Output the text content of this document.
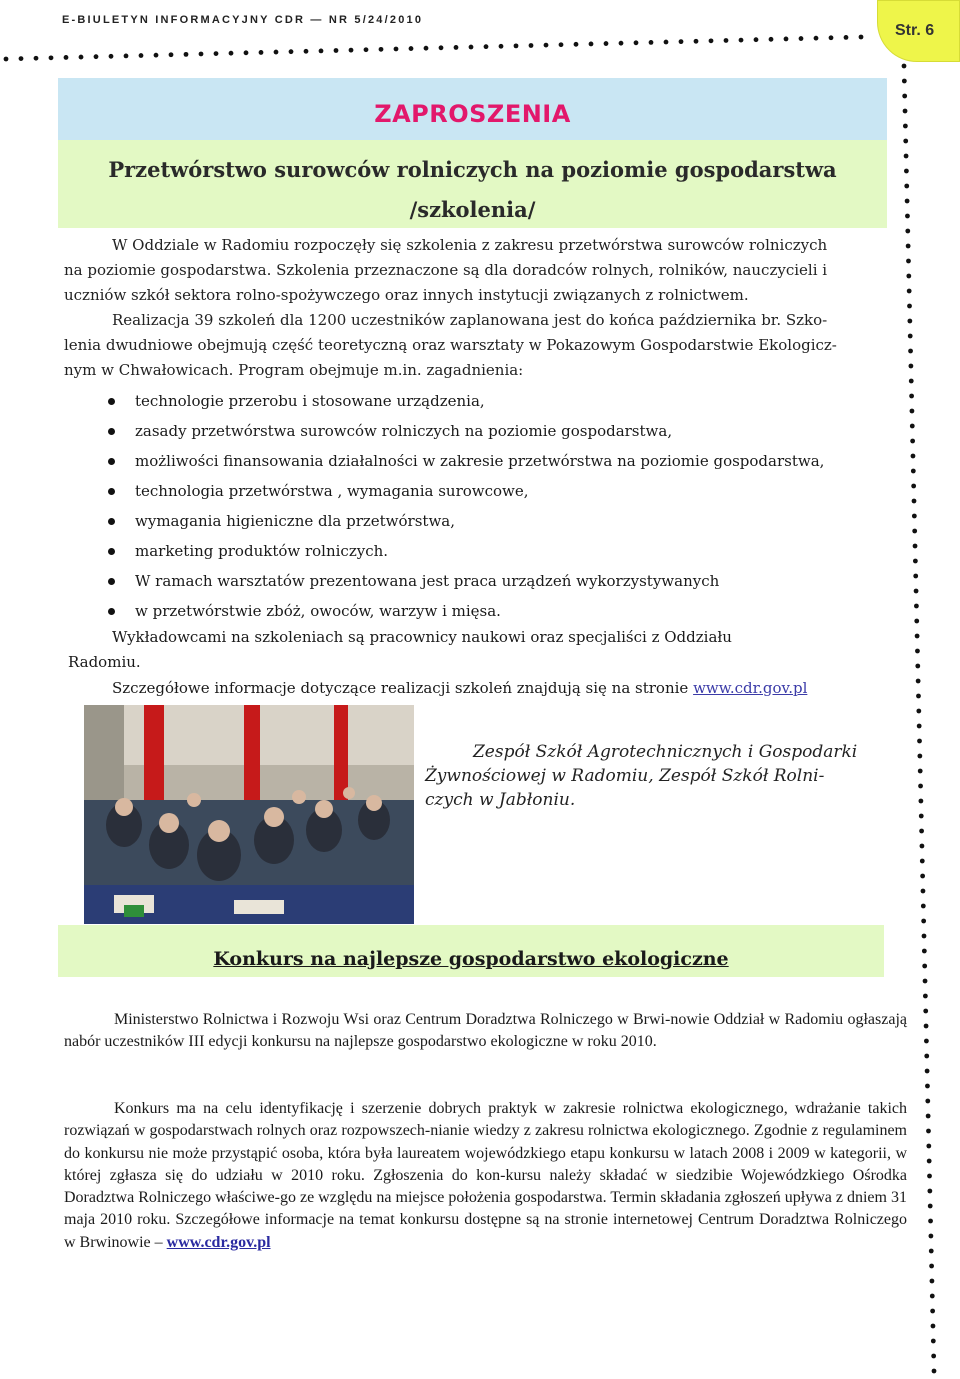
E-BIULETYN INFORMACYJNY CDR — NR 5/24/2010
Str. 6
ZAPROSZENIA
Przetwórstwo surowców rolniczych na poziomie gospodarstwa
/szkolenia/
W Oddziale w Radomiu rozpoczęły się szkolenia z zakresu przetwórstwa surowców rolniczych
na poziomie gospodarstwa. Szkolenia przeznaczone są dla doradców rolnych, rolników, nauczycieli i
uczniów szkół sektora rolno-spożywczego oraz innych instytucji związanych z rolnictwem.
Realizacja 39 szkoleń dla 1200 uczestników zaplanowana jest do końca października br. Szko-
lenia dwudniowe obejmują część teoretyczną oraz warsztaty w Pokazowym Gospodarstwie Ekologicz-
nym w Chwałowicach. Program obejmuje m.in. zagadnienia:
technologie przerobu i stosowane urządzenia,
zasady przetwórstwa surowców rolniczych na poziomie gospodarstwa,
możliwości finansowania działalności w zakresie przetwórstwa na poziomie gospodarstwa,
technologia przetwórstwa , wymagania surowcowe,
wymagania higieniczne dla przetwórstwa,
marketing produktów rolniczych.
W ramach warsztatów prezentowana jest praca urządzeń wykorzystywanych
w przetwórstwie zbóż, owoców, warzyw i mięsa.
Wykładowcami na szkoleniach są pracownicy naukowi oraz specjaliści z Oddziału
Radomiu.
Szczegółowe informacje dotyczące realizacji szkoleń znajdują się na stronie www.cdr.gov.pl
Zespół Szkół Agrotechnicznych i Gospodarki
Żywnościowej w Radomiu, Zespół Szkół Rolni-
czych w Jabłoniu.
Konkurs na najlepsze gospodarstwo ekologiczne
Ministerstwo Rolnictwa i Rozwoju Wsi oraz Centrum Doradztwa Rolniczego w Brwi-nowie Oddział w Radomiu ogłaszają nabór uczestników III edycji konkursu na najlepsze gospodarstwo ekologiczne w roku 2010.
Konkurs ma na celu identyfikację i szerzenie dobrych praktyk w zakresie rolnictwa ekologicznego, wdrażanie takich rozwiązań w gospodarstwach rolnych oraz rozpowszech-nianie wiedzy z zakresu rolnictwa ekologicznego. Zgodnie z regulaminem do konkursu nie może przystąpić osoba, która była laureatem wojewódzkiego etapu konkursu w latach 2008 i 2009 w kategorii, w której zgłasza się do udziału w 2010 roku. Zgłoszenia do kon-kursu należy składać w siedzibie Wojewódzkiego Ośrodka Doradztwa Rolniczego właściwe-go ze względu na miejsce położenia gospodarstwa. Termin składania zgłoszeń upływa z dniem 31 maja 2010 roku. Szczegółowe informacje na temat konkursu dostępne są na stronie internetowej Centrum Doradztwa Rolniczego w Brwinowie – www.cdr.gov.pl
